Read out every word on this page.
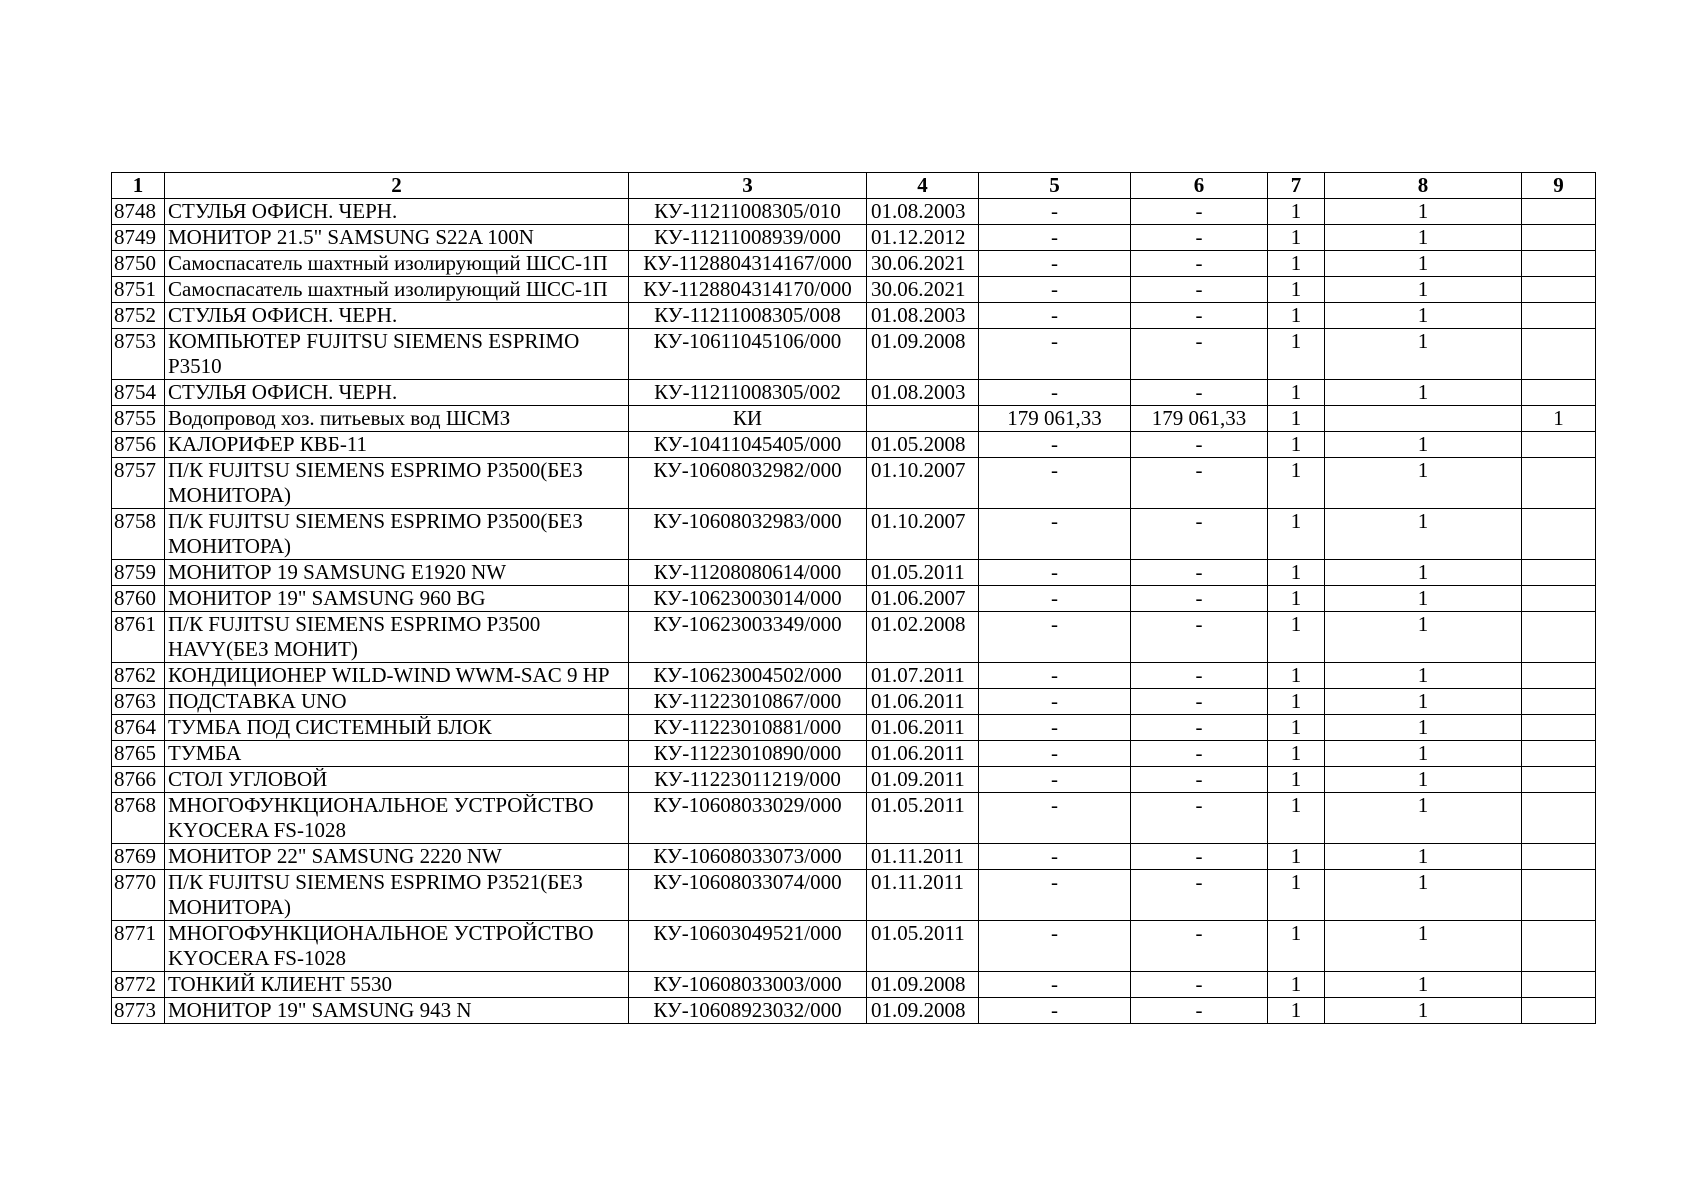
1	2	3	4	5	6	7	8	9
8748	СТУЛЬЯ ОФИСН. ЧЕРН.	КУ-11211008305/010	01.08.2003	-	-	1	1	
8749	МОНИТОР 21.5" SAMSUNG S22A 100N	КУ-11211008939/000	01.12.2012	-	-	1	1	
8750	Самоспасатель шахтный изолирующий ШСС-1П	КУ-1128804314167/000	30.06.2021	-	-	1	1	
8751	Самоспасатель шахтный изолирующий ШСС-1П	КУ-1128804314170/000	30.06.2021	-	-	1	1	
8752	СТУЛЬЯ ОФИСН. ЧЕРН.	КУ-11211008305/008	01.08.2003	-	-	1	1	
8753	КОМПЬЮТЕР FUJITSU SIEMENS ESPRIMO P3510	КУ-10611045106/000	01.09.2008	-	-	1	1	
8754	СТУЛЬЯ ОФИСН. ЧЕРН.	КУ-11211008305/002	01.08.2003	-	-	1	1	
8755	Водопровод хоз. питьевых вод ШСМЗ	КИ		179 061,33	179 061,33	1		1
8756	КАЛОРИФЕР КВБ-11	КУ-10411045405/000	01.05.2008	-	-	1	1	
8757	П/К FUJITSU SIEMENS ESPRIMO P3500(БЕЗ МОНИТОРА)	КУ-10608032982/000	01.10.2007	-	-	1	1	
8758	П/К FUJITSU SIEMENS ESPRIMO P3500(БЕЗ МОНИТОРА)	КУ-10608032983/000	01.10.2007	-	-	1	1	
8759	МОНИТОР 19 SAMSUNG E1920 NW	КУ-11208080614/000	01.05.2011	-	-	1	1	
8760	МОНИТОР 19" SAMSUNG 960 BG	КУ-10623003014/000	01.06.2007	-	-	1	1	
8761	П/К FUJITSU SIEMENS ESPRIMO P3500 HAVY(БЕЗ МОНИТ)	КУ-10623003349/000	01.02.2008	-	-	1	1	
8762	КОНДИЦИОНЕР WILD-WIND WWM-SAC 9 HP	КУ-10623004502/000	01.07.2011	-	-	1	1	
8763	ПОДСТАВКА UNO	КУ-11223010867/000	01.06.2011	-	-	1	1	
8764	ТУМБА ПОД СИСТЕМНЫЙ БЛОК	КУ-11223010881/000	01.06.2011	-	-	1	1	
8765	ТУМБА	КУ-11223010890/000	01.06.2011	-	-	1	1	
8766	СТОЛ УГЛОВОЙ	КУ-11223011219/000	01.09.2011	-	-	1	1	
8768	МНОГОФУНКЦИОНАЛЬНОЕ УСТРОЙСТВО KYOCERA FS-1028	КУ-10608033029/000	01.05.2011	-	-	1	1	
8769	МОНИТОР 22" SAMSUNG 2220 NW	КУ-10608033073/000	01.11.2011	-	-	1	1	
8770	П/К FUJITSU SIEMENS ESPRIMO P3521(БЕЗ МОНИТОРА)	КУ-10608033074/000	01.11.2011	-	-	1	1	
8771	МНОГОФУНКЦИОНАЛЬНОЕ УСТРОЙСТВО KYOCERA FS-1028	КУ-10603049521/000	01.05.2011	-	-	1	1	
8772	ТОНКИЙ КЛИЕНТ 5530	КУ-10608033003/000	01.09.2008	-	-	1	1	
8773	МОНИТОР 19" SAMSUNG 943 N	КУ-10608923032/000	01.09.2008	-	-	1	1	
